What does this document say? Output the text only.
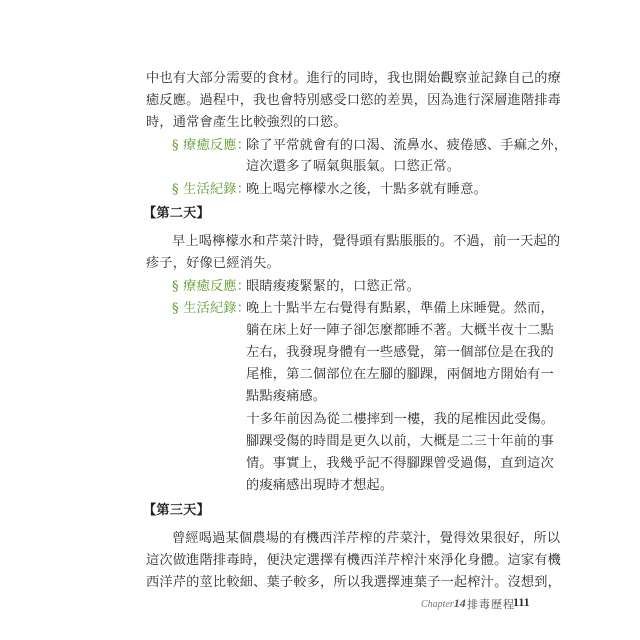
中也有大部分需要的食材。進行的同時，我也開始觀察並記錄自己的療
癒反應。過程中，我也會特別感受口慾的差異，因為進行深層進階排毒
時，通常會產生比較強烈的口慾。
§ 療癒反應：
除了平常就會有的口渴、流鼻水、疲倦感、手痲之外，
這次還多了嗝氣與脹氣。口慾正常。
§ 生活紀錄：
晚上喝完檸檬水之後，十點多就有睡意。
【第二天】
早上喝檸檬水和芹菜汁時，覺得頭有點脹脹的。不過，前一天起的
疹子，好像已經消失。
§ 療癒反應：
眼睛痠痠緊緊的，口慾正常。
§ 生活紀錄：
晚上十點半左右覺得有點累，準備上床睡覺。然而，
躺在床上好一陣子卻怎麼都睡不著。大概半夜十二點
左右，我發現身體有一些感覺，第一個部位是在我的
尾椎，第二個部位在左腳的腳踝，兩個地方開始有一
點點痠痛感。
　十多年前因為從二樓摔到一樓，我的尾椎因此受傷。
腳踝受傷的時間是更久以前，大概是二三十年前的事
情。事實上，我幾乎記不得腳踝曾受過傷，直到這次
的痠痛感出現時才想起。
【第三天】
曾經喝過某個農場的有機西洋芹榨的芹菜汁，覺得效果很好，所以
這次做進階排毒時，便決定選擇有機西洋芹榨汁來淨化身體。這家有機
西洋芹的莖比較細、葉子較多，所以我選擇連葉子一起榨汁。沒想到，
Chapter14 排毒歷程
111
